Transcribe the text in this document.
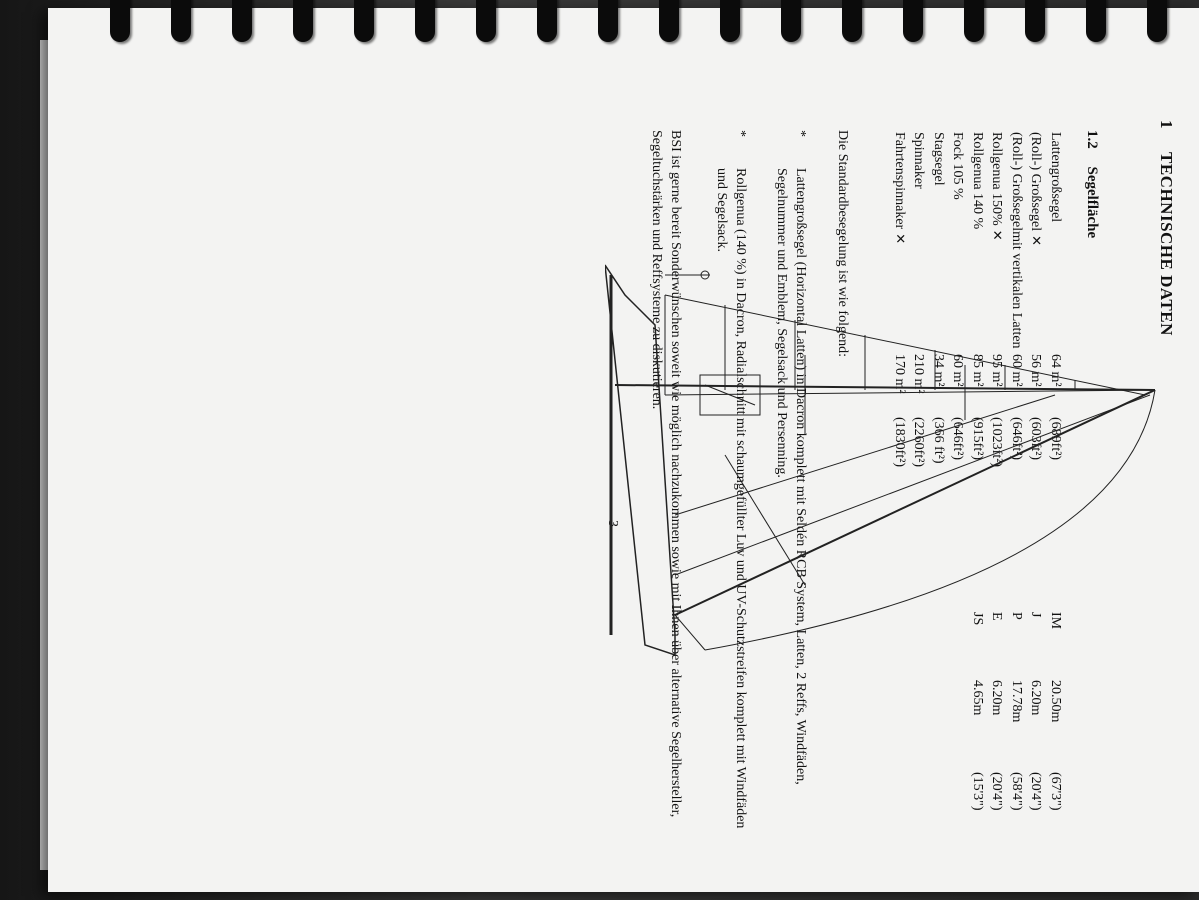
1
TECHNISCHE DATEN
1.2 Segelfläche
Lattengroßsegel
64 m²
(689ft²)
(Roll-) Großsegel✕
56 m²
(603ft²)
(Roll-) Großsegelmit vertikalen Latten
60 m²
(646ft²)
Rollgenua 150%✕
95 m²
(1023ft²)
Rollgenua 140 %
85 m²
(915ft²)
Fock 105 %
60 m²
(646ft²)
Stagsegel
34 m²
(366 ft²)
Spinnaker
210 m²
(2260ft²)
Fahrtenspinnaker✕
170 m²
(1830ft²)
IM
20.50m
(67'3")
J
6.20m
(20'4")
P
17.78m
(58'4")
E
6.20m
(20'4")
JS
4.65m
(15'3")
Die Standardbesegelung ist wie folgend:
*
Lattengroßsegel (Horizontal Latten) in Dacron komplett mit Seldén RCB System, Latten, 2 Reffs, Windfäden, Segelnummer und Emblem, Segelsack und Persenning.
*
Rollgenua (140 %) in Dacron, Radialschnitt mit schaumgefüllter Luv und UV-Schutzstreifen komplett mit Windfäden und Segelsack.
BSI ist gerne bereit Sonderwünschen soweit wie möglich nachzukommen sowie mit Ihnen über alternative Segelhersteller, Segeltuchstärken und Reffsysteme zu diskutieren.
3
